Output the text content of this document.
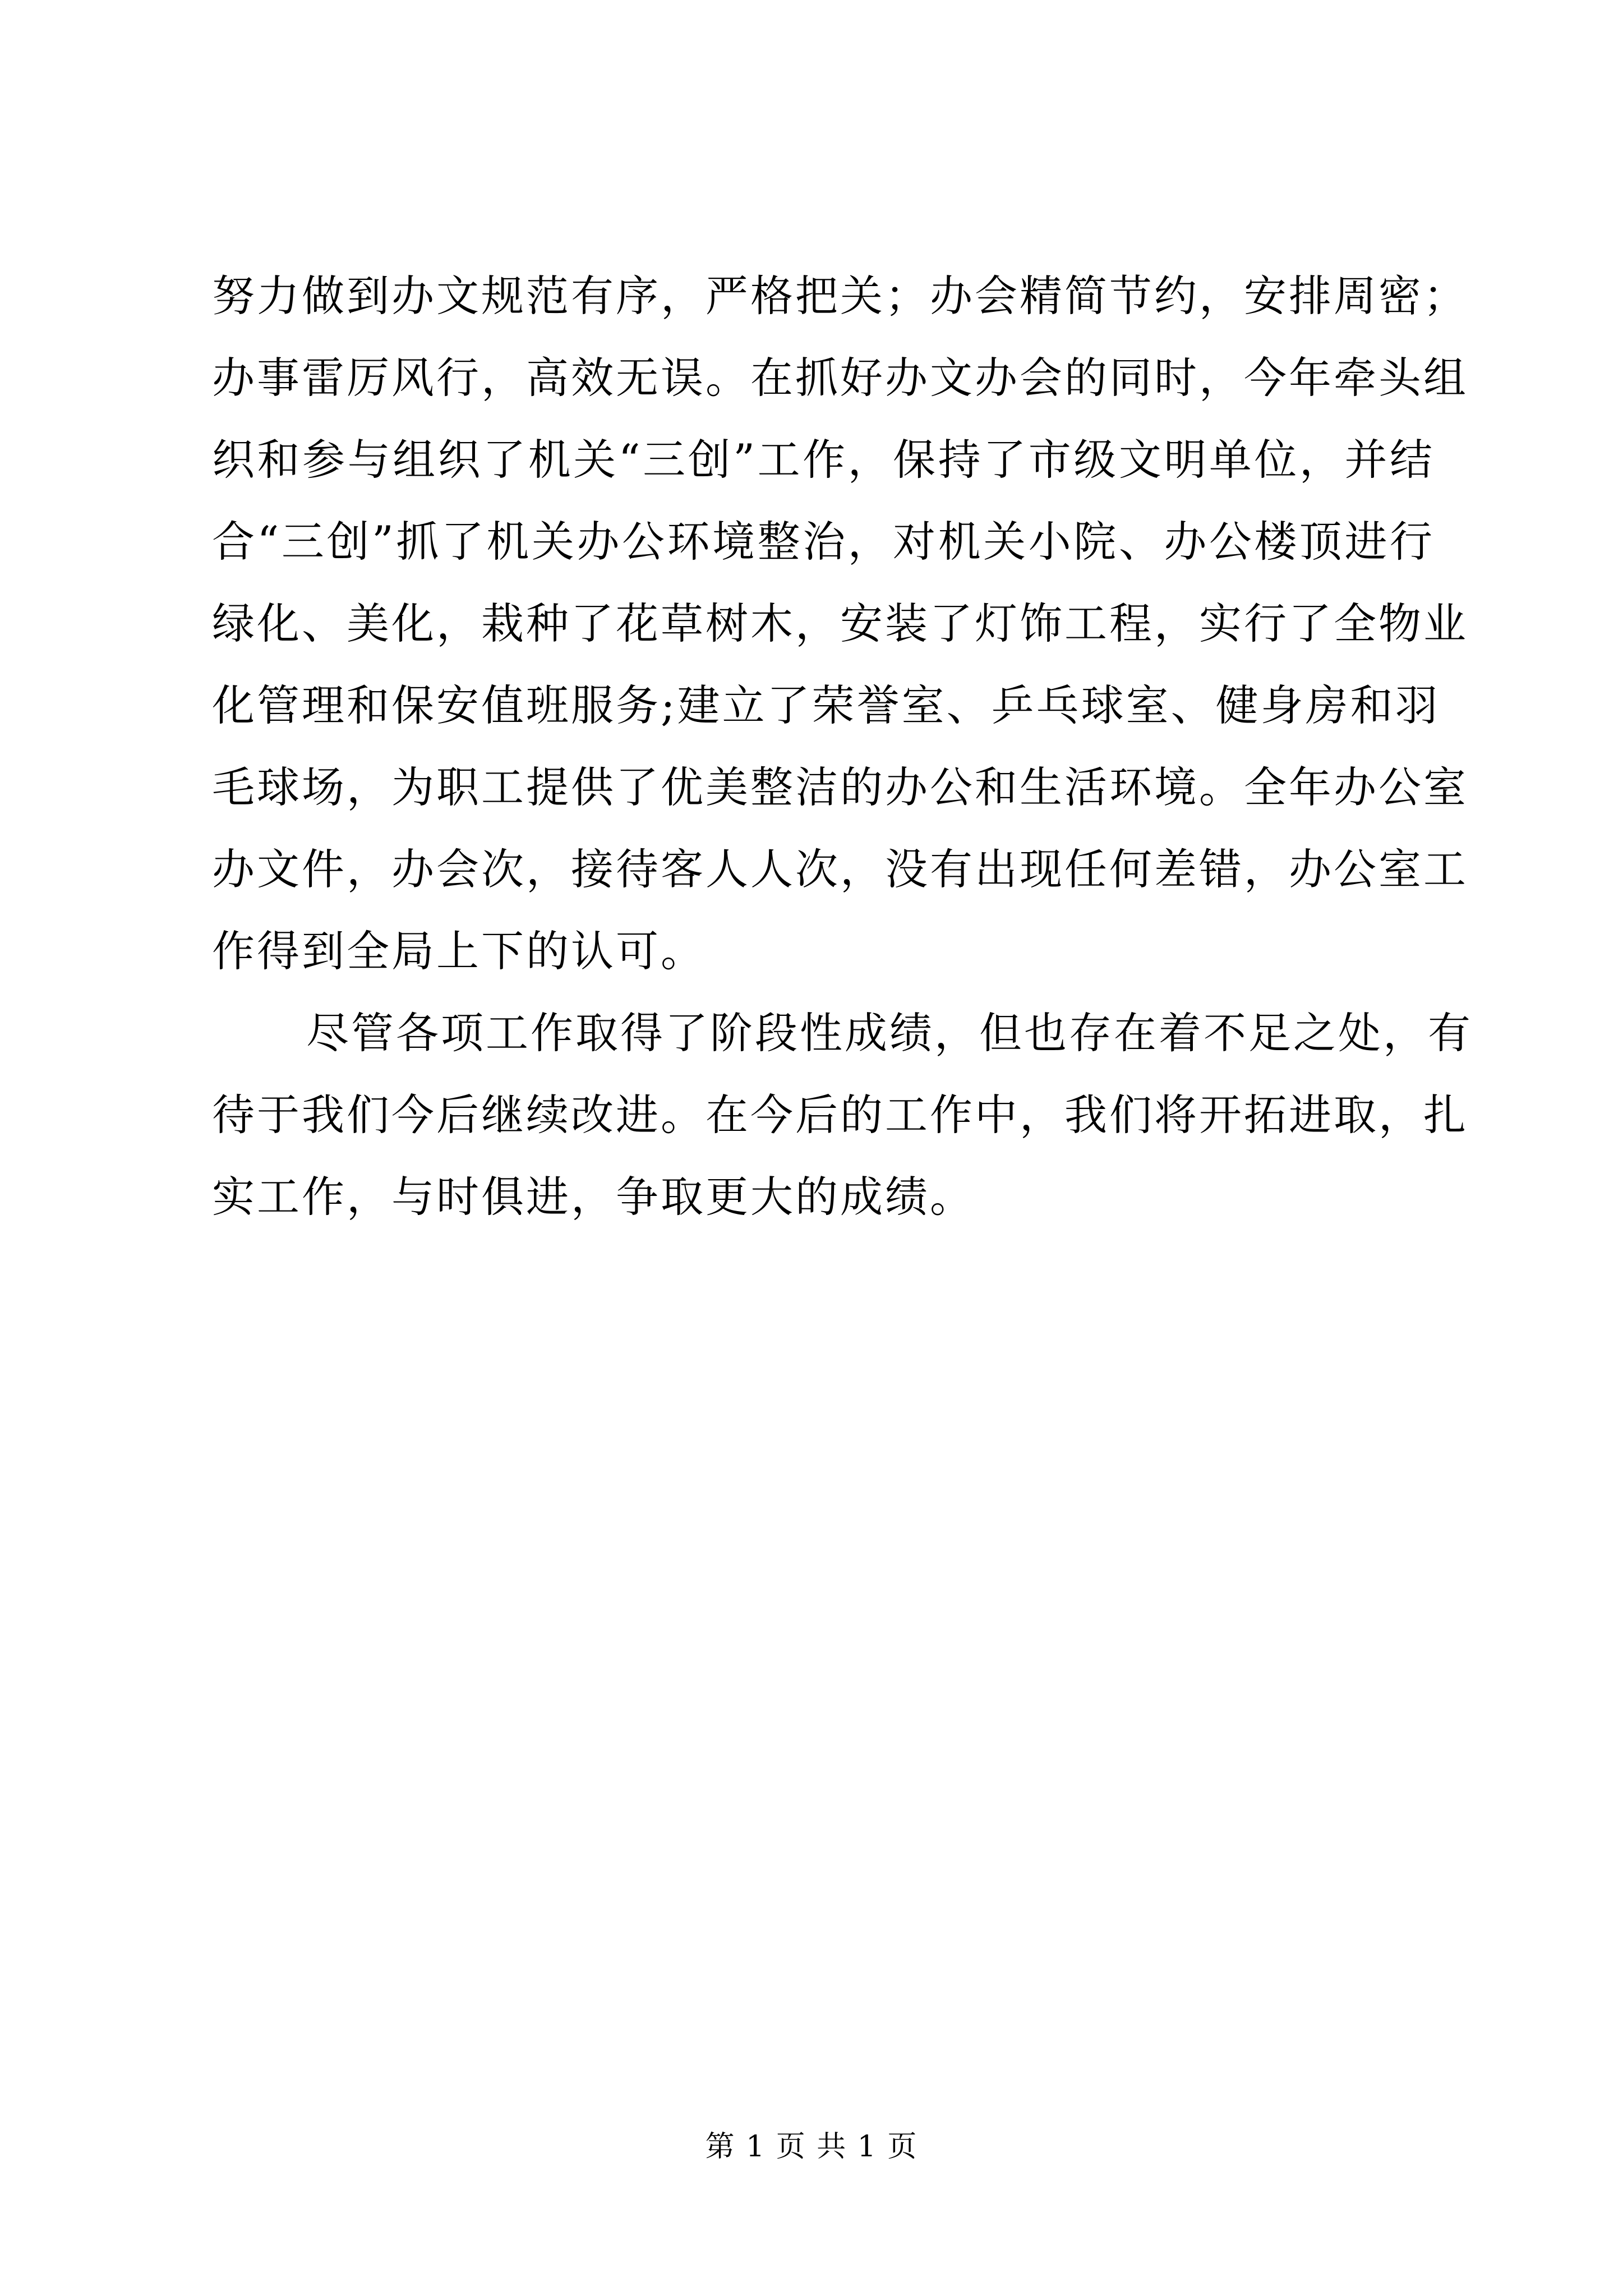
努力做到办文规范有序，严格把关；办会精简节约，安排周密；
办事雷厉风行，高效无误。在抓好办文办会的同时，今年牵头组
织和参与组织了机关“三创”工作，保持了市级文明单位，并结
合“三创”抓了机关办公环境整治，对机关小院、办公楼顶进行
绿化、美化，栽种了花草树木，安装了灯饰工程，实行了全物业
化管理和保安值班服务;建立了荣誉室、乒乓球室、健身房和羽
毛球场，为职工提供了优美整洁的办公和生活环境。全年办公室
办文件，办会次，接待客人人次，没有出现任何差错，办公室工
作得到全局上下的认可。
尽管各项工作取得了阶段性成绩，但也存在着不足之处，有
待于我们今后继续改进。在今后的工作中，我们将开拓进取，扎
实工作，与时俱进，争取更大的成绩。
第 1 页 共 1 页
